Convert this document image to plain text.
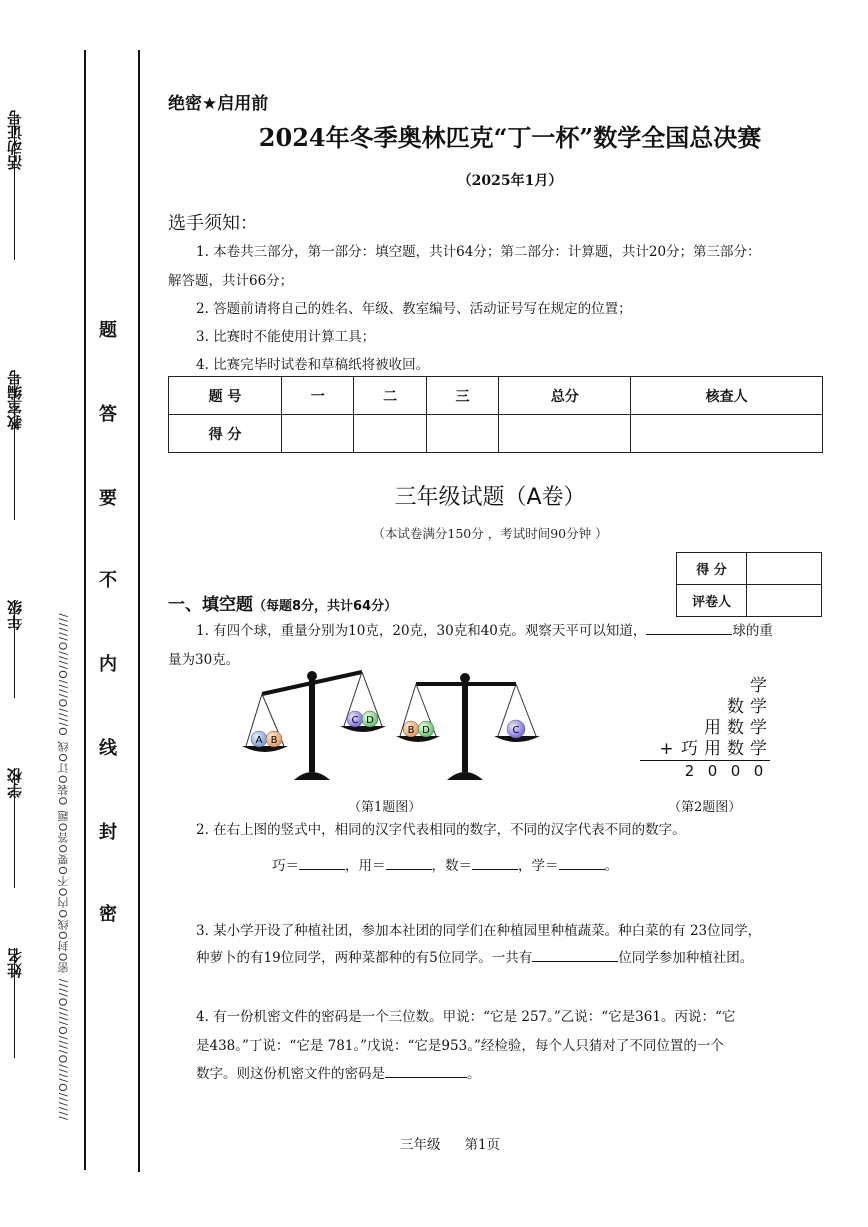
活动证号
教室编号
年级
学校
姓名	//////O////O////O////O//// 密O封O线O内O不O要O答O题 O装O订O线 O////O////O////O//////
题
答
要
不
内
线
封
密
绝密★启用前
2024年冬季奥林匹克“丁一杯”数学全国总决赛
（2025年1月）
选手须知：
1. 本卷共三部分，第一部分：填空题，共计64分；第二部分：计算题，共计20分；第三部分：
解答题，共计66分；
2. 答题前请将自己的姓名、年级、教室编号、活动证号写在规定的位置；
3. 比赛时不能使用计算工具；
4. 比赛完毕时试卷和草稿纸将被收回。
题 号	一	二	三	总分	核查人
得 分					
三年级试题（A卷）
（本试卷满分150分 ，考试时间90分钟 ）
得 分	
评卷人	
一、填空题（每题8分，共计64分）
1. 有四个球，重量分别为10克，20克，30克和40克。观察天平可以知道，	球的重
量为30克。
A B
C D
B D	C
（第1题图）
学
数 学
用 数 学
+ 巧 用 数 学
2 0 0 0
（第2题图）
2. 在右上图的竖式中，相同的汉字代表相同的数字，不同的汉字代表不同的数字。
巧＝	，用＝	，数＝	，学＝	。
3. 某小学开设了种植社团，参加本社团的同学们在种植园里种植蔬菜。种白菜的有 23位同学，
种萝卜的有19位同学，两种菜都种的有5位同学。一共有	位同学参加种植社团。
4. 有一份机密文件的密码是一个三位数。甲说：“它是 257。”乙说：“它是361。丙说：“它
是438。”丁说：“它是 781。”戊说：“它是953。”经检验，每个人只猜对了不同位置的一个
数字。则这份机密文件的密码是	。
三年级 第1页
